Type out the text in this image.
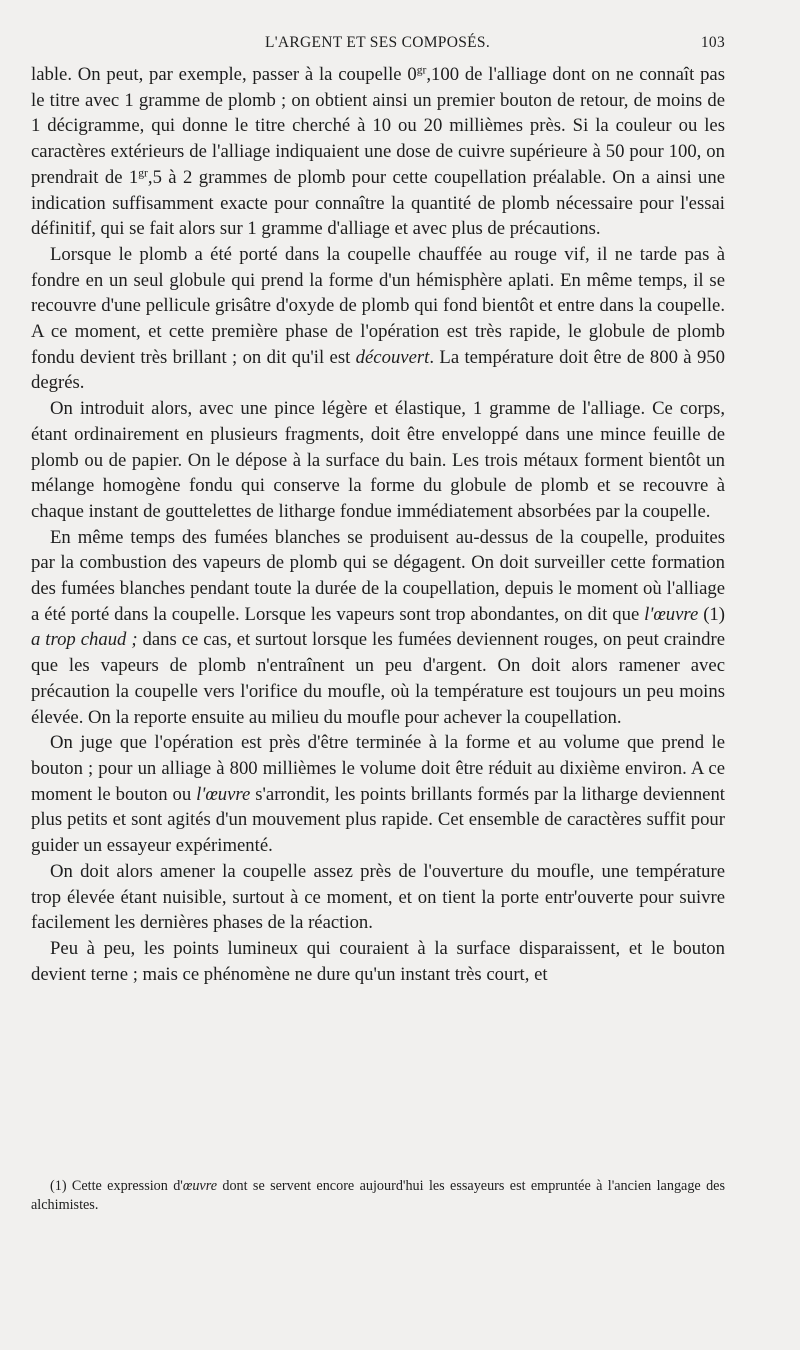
L'ARGENT ET SES COMPOSÉS.	103

lable. On peut, par exemple, passer à la coupelle $0^{gr},100$ de l'alliage dont on ne connaît pas le titre avec 1 gramme de plomb ; on obtient ainsi un premier bouton de retour, de moins de 1 décigramme, qui donne le titre cherché à 10 ou 20 millièmes près. Si la couleur ou les caractères extérieurs de l'alliage indiquaient une dose de cuivre supérieure à 50 pour 100, on prendrait de $1^{gr},5$ à 2 grammes de plomb pour cette coupellation préalable. On a ainsi une indication suffisamment exacte pour connaître la quantité de plomb nécessaire pour l'essai définitif, qui se fait alors sur 1 gramme d'alliage et avec plus de précautions.

Lorsque le plomb a été porté dans la coupelle chauffée au rouge vif, il ne tarde pas à fondre en un seul globule qui prend la forme d'un hémisphère aplati. En même temps, il se recouvre d'une pellicule grisâtre d'oxyde de plomb qui fond bientôt et entre dans la coupelle. A ce moment, et cette première phase de l'opération est très rapide, le globule de plomb fondu devient très brillant ; on dit qu'il est découvert. La température doit être de 800 à 950 degrés.

On introduit alors, avec une pince légère et élastique, 1 gramme de l'alliage. Ce corps, étant ordinairement en plusieurs fragments, doit être enveloppé dans une mince feuille de plomb ou de papier. On le dépose à la surface du bain. Les trois métaux forment bientôt un mélange homogène fondu qui conserve la forme du globule de plomb et se recouvre à chaque instant de gouttelettes de litharge fondue immédiatement absorbées par la coupelle.

En même temps des fumées blanches se produisent au-dessus de la coupelle, produites par la combustion des vapeurs de plomb qui se dégagent. On doit surveiller cette formation des fumées blanches pendant toute la durée de la coupellation, depuis le moment où l'alliage a été porté dans la coupelle. Lorsque les vapeurs sont trop abondantes, on dit que l'œuvre (1) a trop chaud ; dans ce cas, et surtout lorsque les fumées deviennent rouges, on peut craindre que les vapeurs de plomb n'entraînent un peu d'argent. On doit alors ramener avec précaution la coupelle vers l'orifice du moufle, où la température est toujours un peu moins élevée. On la reporte ensuite au milieu du moufle pour achever la coupellation.

On juge que l'opération est près d'être terminée à la forme et au volume que prend le bouton ; pour un alliage à 800 millièmes le volume doit être réduit au dixième environ. A ce moment le bouton ou l'œuvre s'arrondit, les points brillants formés par la litharge deviennent plus petits et sont agités d'un mouvement plus rapide. Cet ensemble de caractères suffit pour guider un essayeur expérimenté.

On doit alors amener la coupelle assez près de l'ouverture du moufle, une température trop élevée étant nuisible, surtout à ce moment, et on tient la porte entr'ouverte pour suivre facilement les dernières phases de la réaction.

Peu à peu, les points lumineux qui couraient à la surface disparaissent, et le bouton devient terne ; mais ce phénomène ne dure qu'un instant très court, et

(1) Cette expression d'œuvre dont se servent encore aujourd'hui les essayeurs est empruntée à l'ancien langage des alchimistes.
